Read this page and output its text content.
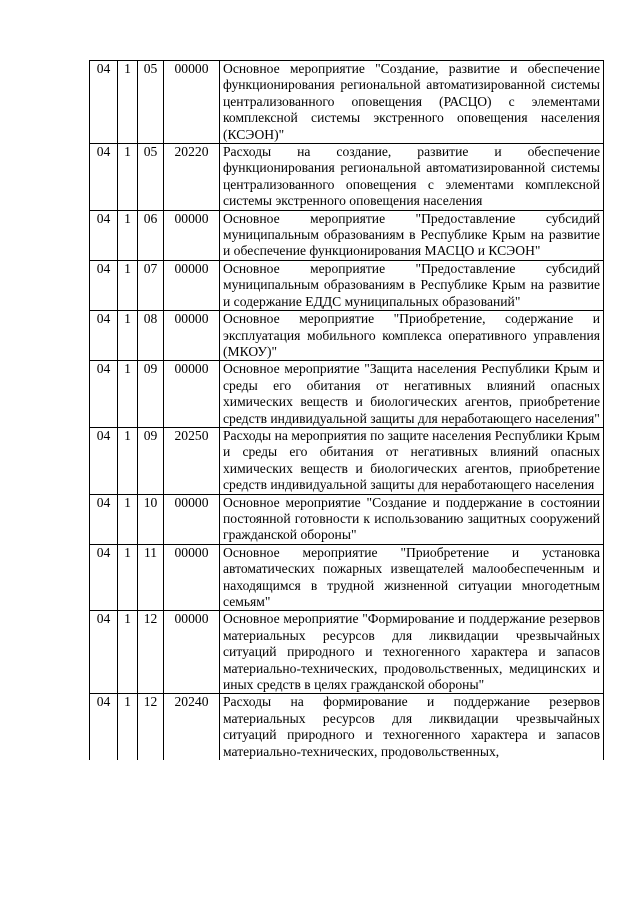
04	1	05	00000	Основное мероприятие "Создание, развитие и обеспечение функционирования региональной автоматизированной системы централизованного оповещения (РАСЦО) с элементами комплексной системы экстренного оповещения населения (КСЭОН)"
04	1	05	20220	Расходы на создание, развитие и обеспечение функционирования региональной автоматизированной системы централизованного оповещения с элементами комплексной системы экстренного оповещения населения
04	1	06	00000	Основное мероприятие "Предоставление субсидий муниципальным образованиям в Республике Крым на развитие и обеспечение функционирования МАСЦО и КСЭОН"
04	1	07	00000	Основное мероприятие "Предоставление субсидий муниципальным образованиям в Республике Крым на развитие и содержание ЕДДС муниципальных образований"
04	1	08	00000	Основное мероприятие "Приобретение, содержание и эксплуатация мобильного комплекса оперативного управления (МКОУ)"
04	1	09	00000	Основное мероприятие "Защита населения Республики Крым и среды его обитания от негативных влияний опасных химических веществ и биологических агентов, приобретение средств индивидуальной защиты для неработающего населения"
04	1	09	20250	Расходы на мероприятия по защите населения Республики Крым и среды его обитания от негативных влияний опасных химических веществ и биологических агентов, приобретение средств индивидуальной защиты для неработающего населения
04	1	10	00000	Основное мероприятие "Создание и поддержание в состоянии постоянной готовности к использованию защитных сооружений гражданской обороны"
04	1	11	00000	Основное мероприятие "Приобретение и установка автоматических пожарных извещателей малообеспеченным и находящимся в трудной жизненной ситуации многодетным семьям"
04	1	12	00000	Основное мероприятие "Формирование и поддержание резервов материальных ресурсов для ликвидации чрезвычайных ситуаций природного и техногенного характера и запасов материально-технических, продовольственных, медицинских и иных средств в целях гражданской обороны"
04	1	12	20240	Расходы на формирование и поддержание резервов материальных ресурсов для ликвидации чрезвычайных ситуаций природного и техногенного характера и запасов материально-технических, продовольственных,
